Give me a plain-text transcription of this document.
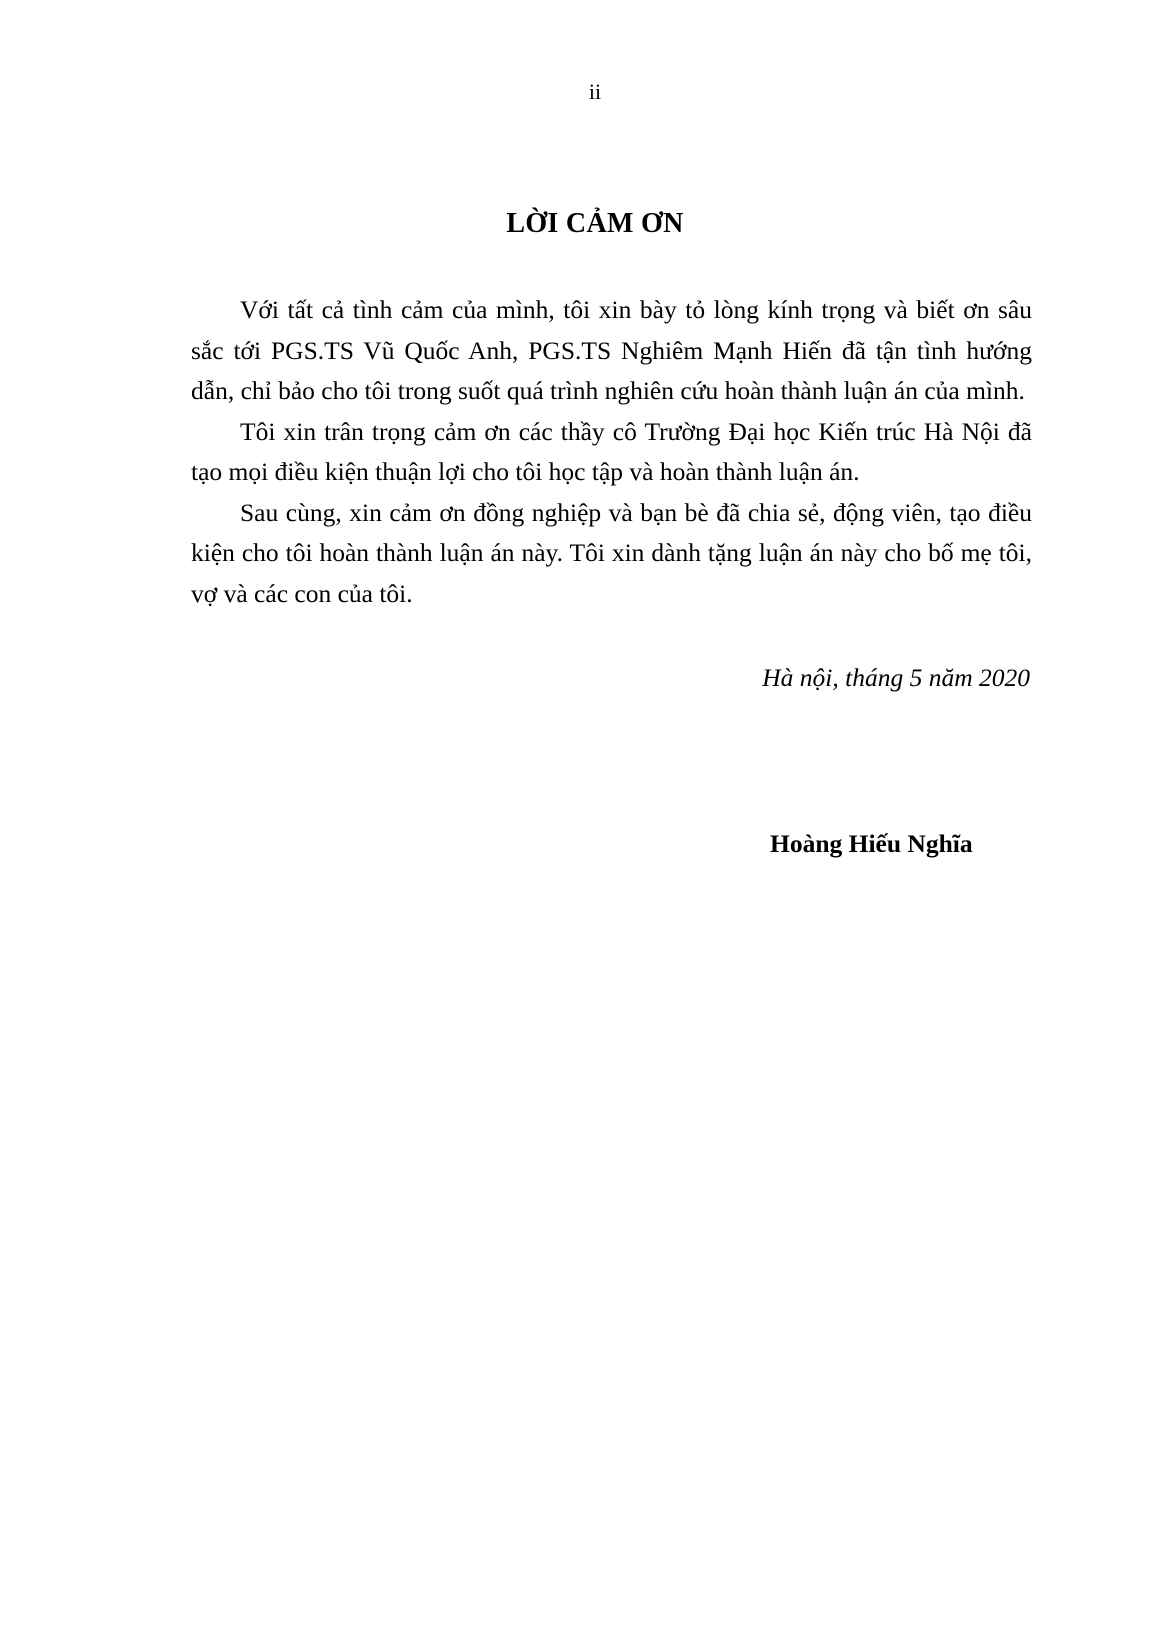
ii
LỜI CẢM ƠN

Với tất cả tình cảm của mình, tôi xin bày tỏ lòng kính trọng và biết ơn sâu sắc tới PGS.TS Vũ Quốc Anh, PGS.TS Nghiêm Mạnh Hiến đã tận tình hướng dẫn, chỉ bảo cho tôi trong suốt quá trình nghiên cứu hoàn thành luận án của mình.

Tôi xin trân trọng cảm ơn các thầy cô Trường Đại học Kiến trúc Hà Nội đã tạo mọi điều kiện thuận lợi cho tôi học tập và hoàn thành luận án.

Sau cùng, xin cảm ơn đồng nghiệp và bạn bè đã chia sẻ, động viên, tạo điều kiện cho tôi hoàn thành luận án này. Tôi xin dành tặng luận án này cho bố mẹ tôi, vợ và các con của tôi.

Hà nội, tháng 5 năm 2020
Hoàng Hiếu Nghĩa
